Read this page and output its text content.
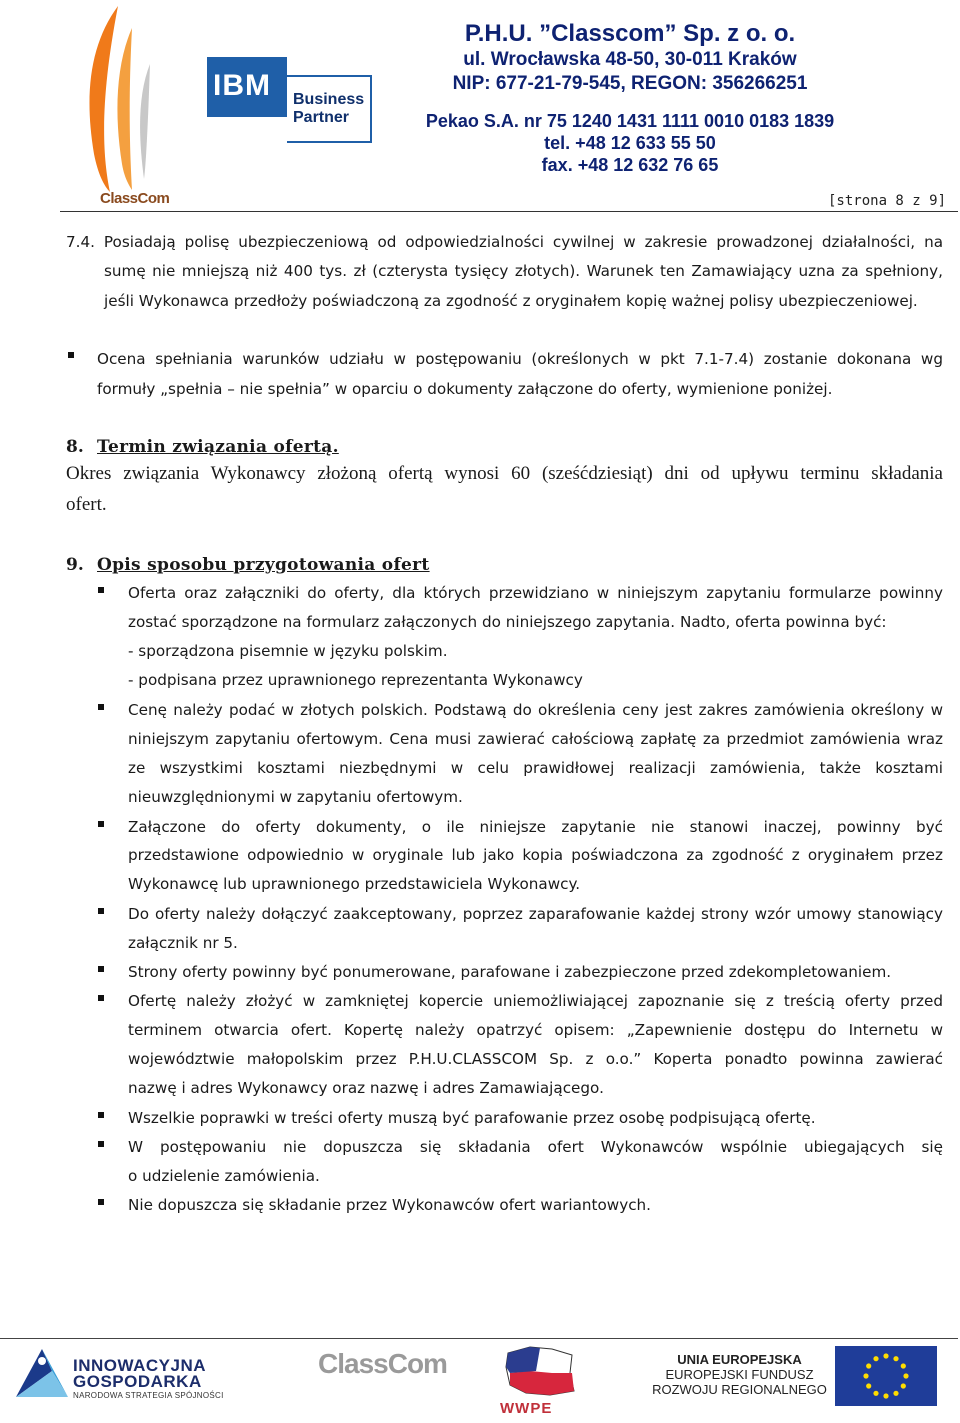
IBM Business
Partner
ClassCom
P.H.U. ”Classcom” Sp. z o. o.
ul. Wrocławska 48-50, 30-011 Kraków
NIP: 677-21-79-545, REGON: 356266251
Pekao S.A. nr 75 1240 1431 1111 0010 0183 1839
tel. +48 12 633 55 50
fax. +48 12 632 76 65
[strona 8 z 9]
7.4. Posiadają polisę ubezpieczeniową od odpowiedzialności cywilnej w zakresie prowadzonej działalności, na
sumę nie mniejszą niż 400 tys. zł (czterysta tysięcy złotych). Warunek ten Zamawiający uzna za spełniony,
jeśli Wykonawca przedłoży poświadczoną za zgodność z oryginałem kopię ważnej polisy ubezpieczeniowej.
Ocena spełniania warunków udziału w postępowaniu (określonych w pkt 7.1-7.4) zostanie dokonana wg
formuły „spełnia – nie spełnia” w oparciu o dokumenty załączone do oferty, wymienione poniżej.
8. Termin związania ofertą.
Okres związania Wykonawcy złożoną ofertą wynosi 60 (sześćdziesiąt) dni od upływu terminu składania
ofert.
9. Opis sposobu przygotowania ofert
Oferta oraz załączniki do oferty, dla których przewidziano w niniejszym zapytaniu formularze powinny
zostać sporządzone na formularz załączonych do niniejszego zapytania. Nadto, oferta powinna być:
- sporządzona pisemnie w języku polskim.
- podpisana przez uprawnionego reprezentanta Wykonawcy
Cenę należy podać w złotych polskich. Podstawą do określenia ceny jest zakres zamówienia określony w
niniejszym zapytaniu ofertowym. Cena musi zawierać całościową zapłatę za przedmiot zamówienia wraz
ze wszystkimi kosztami niezbędnymi w celu prawidłowej realizacji zamówienia, także kosztami
nieuwzględnionymi w zapytaniu ofertowym.
Załączone do oferty dokumenty, o ile niniejsze zapytanie nie stanowi inaczej, powinny być
przedstawione odpowiednio w oryginale lub jako kopia poświadczona za zgodność z oryginałem przez
Wykonawcę lub uprawnionego przedstawiciela Wykonawcy.
Do oferty należy dołączyć zaakceptowany, poprzez zaparafowanie każdej strony wzór umowy stanowiący
załącznik nr 5.
Strony oferty powinny być ponumerowane, parafowane i zabezpieczone przed zdekompletowaniem.
Ofertę należy złożyć w zamkniętej kopercie uniemożliwiającej zapoznanie się z treścią oferty przed
terminem otwarcia ofert. Kopertę należy opatrzyć opisem: „Zapewnienie dostępu do Internetu w
województwie małopolskim przez P.H.U.CLASSCOM Sp. z o.o.” Koperta ponadto powinna zawierać
nazwę i adres Wykonawcy oraz nazwę i adres Zamawiającego.
Wszelkie poprawki w treści oferty muszą być parafowanie przez osobę podpisującą ofertę.
W postępowaniu nie dopuszcza się składania ofert Wykonawców wspólnie ubiegających się
o udzielenie zamówienia.
Nie dopuszcza się składanie przez Wykonawców ofert wariantowych.
INNOWACYJNA
GOSPODARKA
NARODOWA STRATEGIA SPÓJNOŚCI
ClassCom
WWPE
UNIA EUROPEJSKA
EUROPEJSKI FUNDUSZ
ROZWOJU REGIONALNEGO
